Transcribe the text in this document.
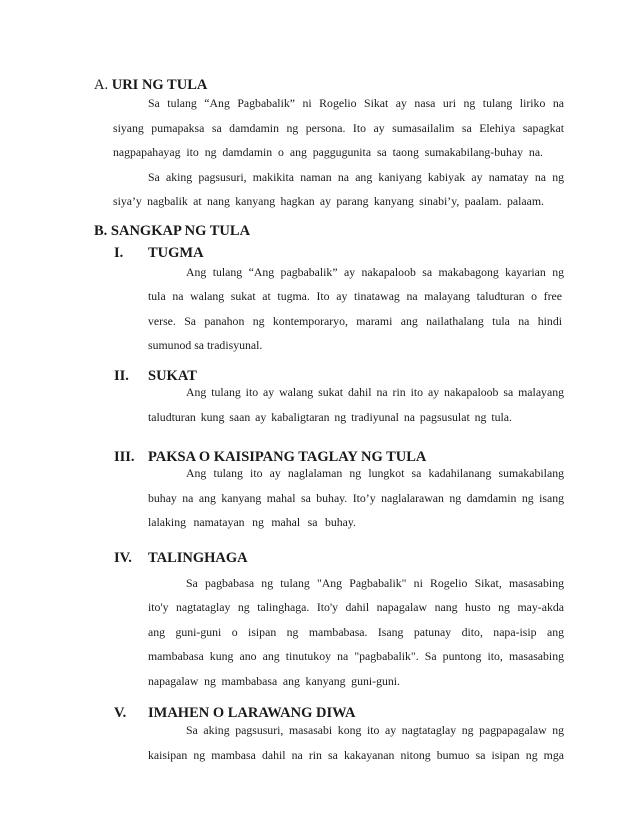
A. URI NG TULA
Sa tulang “Ang Pagbabalik” ni Rogelio Sikat ay nasa uri ng tulang liriko na
siyang pumapaksa sa damdamin ng persona. Ito ay sumasailalim sa Elehiya sapagkat
nagpapahayag ito ng damdamin o ang paggugunita sa taong sumakabilang-buhay na.
Sa aking pagsusuri, makikita naman na ang kaniyang kabiyak ay namatay na ng
siya’y nagbalik at nang kanyang hagkan ay parang kanyang sinabi’y, paalam. palaam.
B. SANGKAP NG TULA
I. TUGMA
Ang tulang “Ang pagbabalik” ay nakapaloob sa makabagong kayarian ng
tula na walang sukat at tugma. Ito ay tinatawag na malayang taludturan o free
verse. Sa panahon ng kontemporaryo, marami ang nailathalang tula na hindi
sumunod sa tradisyunal.
II. SUKAT
Ang tulang ito ay walang sukat dahil na rin ito ay nakapaloob sa malayang
taludturan kung saan ay kabaligtaran ng tradiyunal na pagsusulat ng tula.
III. PAKSA O KAISIPANG TAGLAY NG TULA
Ang tulang ito ay naglalaman ng lungkot sa kadahilanang sumakabilang
buhay na ang kanyang mahal sa buhay. Ito’y naglalarawan ng damdamin ng isang
lalaking namatayan ng mahal sa buhay.
IV. TALINGHAGA
Sa pagbabasa ng tulang "Ang Pagbabalik" ni Rogelio Sikat, masasabing
ito'y nagtataglay ng talinghaga. Ito'y dahil napagalaw nang husto ng may-akda
ang guni-guni o isipan ng mambabasa. Isang patunay dito, napa-isip ang
mambabasa kung ano ang tinutukoy na "pagbabalik". Sa puntong ito, masasabing
napagalaw ng mambabasa ang kanyang guni-guni.
V. IMAHEN O LARAWANG DIWA
Sa aking pagsusuri, masasabi kong ito ay nagtataglay ng pagpapagalaw ng
kaisipan ng mambasa dahil na rin sa kakayanan nitong bumuo sa isipan ng mga
